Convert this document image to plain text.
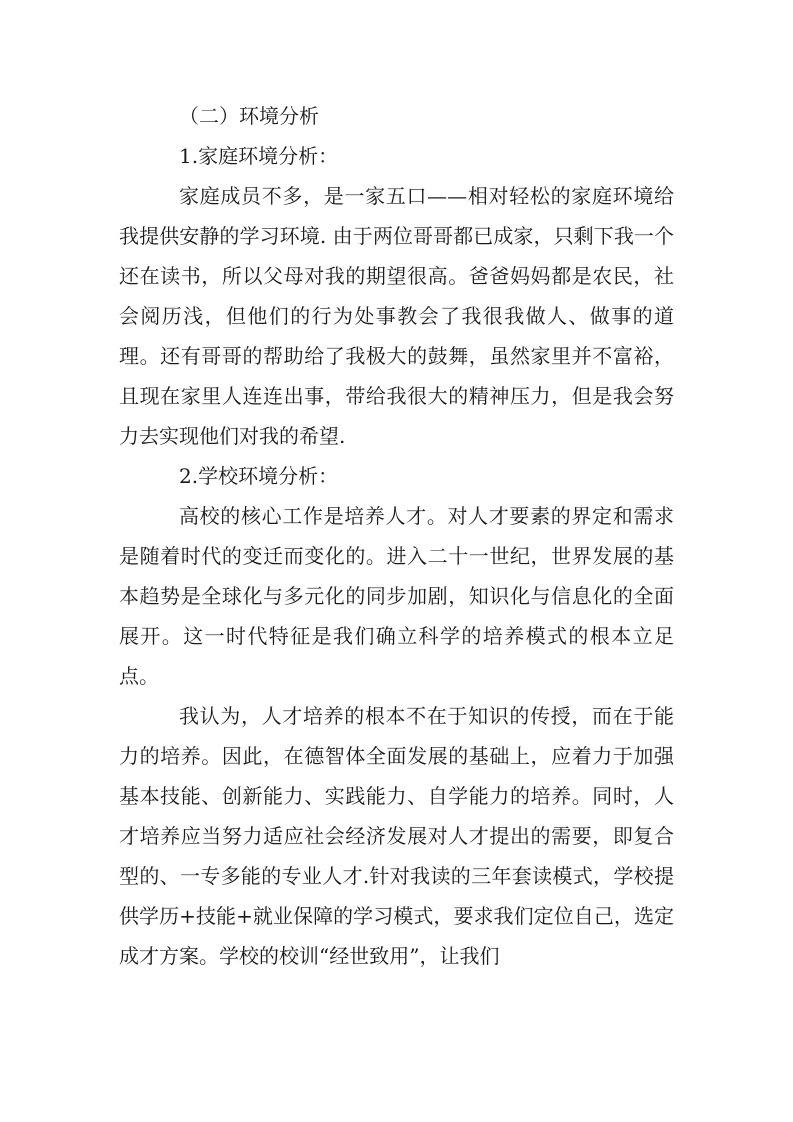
（二）环境分析

1.家庭环境分析：

家庭成员不多，是一家五口——相对轻松的家庭环境给我提供安静的学习环境. 由于两位哥哥都已成家，只剩下我一个还在读书，所以父母对我的期望很高。爸爸妈妈都是农民，社会阅历浅，但他们的行为处事教会了我很我做人、做事的道理。还有哥哥的帮助给了我极大的鼓舞，虽然家里并不富裕，且现在家里人连连出事，带给我很大的精神压力，但是我会努力去实现他们对我的希望.

2.学校环境分析：

高校的核心工作是培养人才。对人才要素的界定和需求是随着时代的变迁而变化的。进入二十一世纪，世界发展的基本趋势是全球化与多元化的同步加剧，知识化与信息化的全面展开。这一时代特征是我们确立科学的培养模式的根本立足点。

我认为，人才培养的根本不在于知识的传授，而在于能力的培养。因此，在德智体全面发展的基础上，应着力于加强基本技能、创新能力、实践能力、自学能力的培养。同时，人才培养应当努力适应社会经济发展对人才提出的需要，即复合型的、一专多能的专业人才.针对我读的三年套读模式，学校提供学历+技能+就业保障的学习模式，要求我们定位自己，选定成才方案。学校的校训“经世致用”，让我们
